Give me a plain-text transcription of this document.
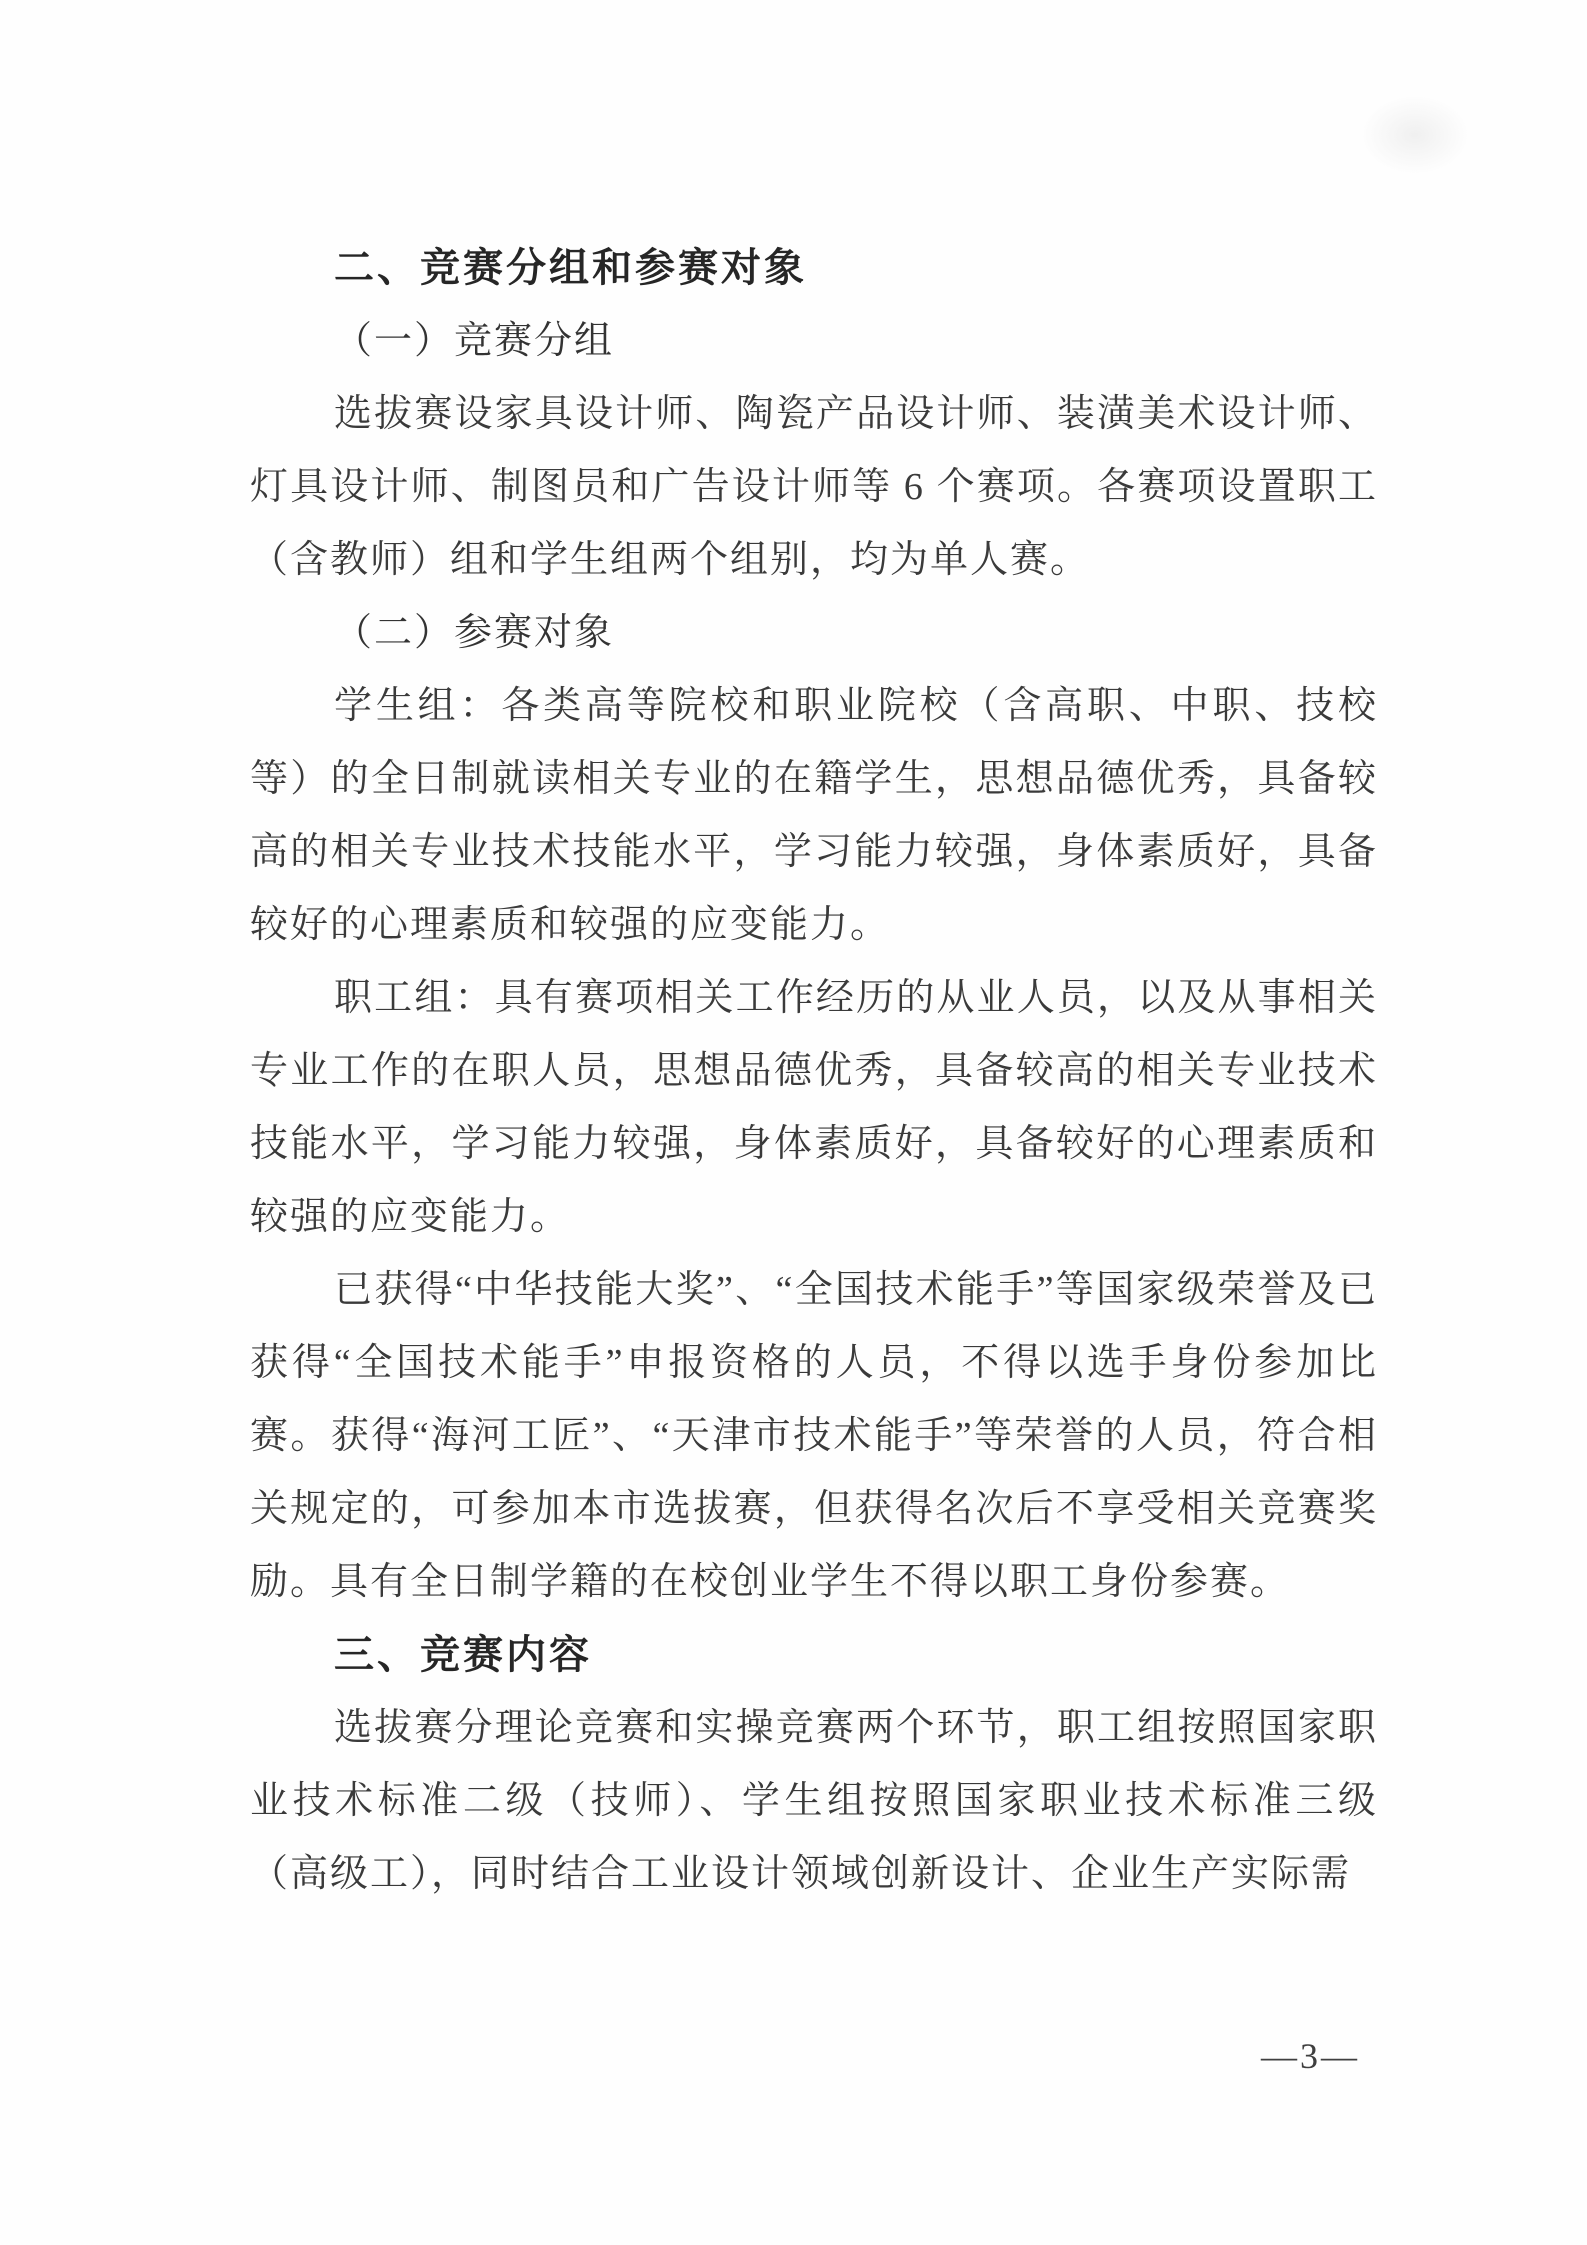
二、竞赛分组和参赛对象

（一）竞赛分组

选拔赛设家具设计师、陶瓷产品设计师、装潢美术设计师、灯具设计师、制图员和广告设计师等 6 个赛项。各赛项设置职工（含教师）组和学生组两个组别，均为单人赛。

（二）参赛对象

学生组：各类高等院校和职业院校（含高职、中职、技校等）的全日制就读相关专业的在籍学生，思想品德优秀，具备较高的相关专业技术技能水平，学习能力较强，身体素质好，具备较好的心理素质和较强的应变能力。

职工组：具有赛项相关工作经历的从业人员，以及从事相关专业工作的在职人员，思想品德优秀，具备较高的相关专业技术技能水平，学习能力较强，身体素质好，具备较好的心理素质和较强的应变能力。

已获得“中华技能大奖”、“全国技术能手”等国家级荣誉及已获得“全国技术能手”申报资格的人员，不得以选手身份参加比赛。获得“海河工匠”、“天津市技术能手”等荣誉的人员，符合相关规定的，可参加本市选拔赛，但获得名次后不享受相关竞赛奖励。具有全日制学籍的在校创业学生不得以职工身份参赛。

三、竞赛内容

选拔赛分理论竞赛和实操竞赛两个环节，职工组按照国家职业技术标准二级（技师）、学生组按照国家职业技术标准三级（高级工），同时结合工业设计领域创新设计、企业生产实际需

—3—
